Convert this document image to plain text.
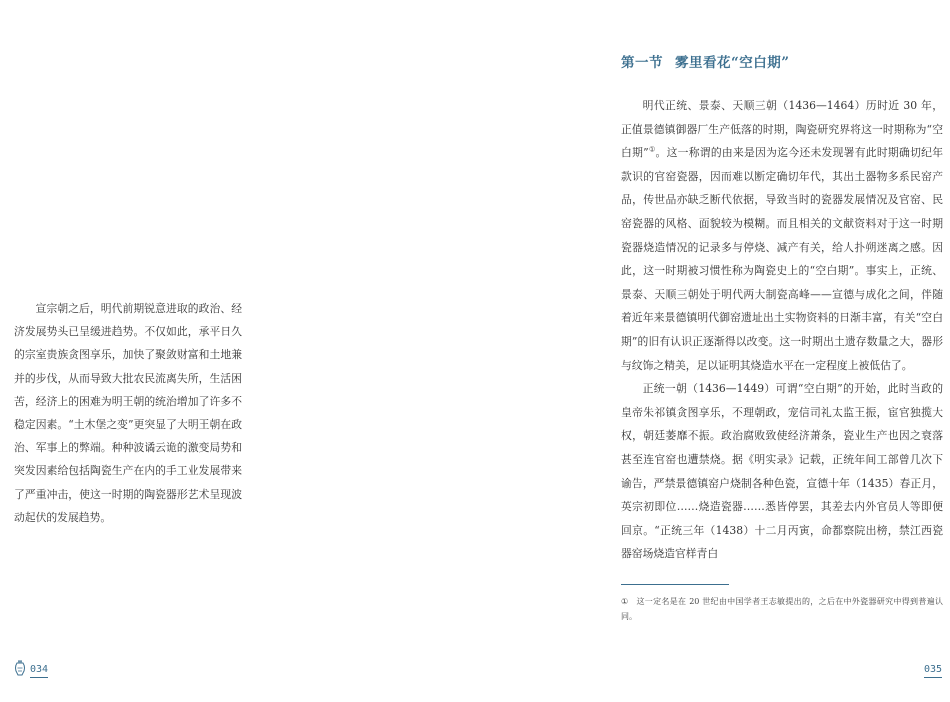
宣宗朝之后，明代前期锐意进取的政治、经济发展势头已呈缓进趋势。不仅如此，承平日久的宗室贵族贪图享乐，加快了聚敛财富和土地兼并的步伐，从而导致大批农民流离失所，生活困苦，经济上的困难为明王朝的统治增加了许多不稳定因素。“土木堡之变”更突显了大明王朝在政治、军事上的弊端。种种波谲云诡的激变局势和突发因素给包括陶瓷生产在内的手工业发展带来了严重冲击，使这一时期的陶瓷器形艺术呈现波动起伏的发展趋势。

034
第一节 雾里看花“空白期”

明代正统、景泰、天顺三朝（1436—1464）历时近 30 年，正值景德镇御器厂生产低落的时期，陶瓷研究界将这一时期称为“空白期”①。这一称谓的由来是因为迄今还未发现署有此时期确切纪年款识的官窑瓷器，因而难以断定确切年代，其出土器物多系民窑产品，传世品亦缺乏断代依据，导致当时的瓷器发展情况及官窑、民窑瓷器的风格、面貌较为模糊。而且相关的文献资料对于这一时期瓷器烧造情况的记录多与停烧、减产有关，给人扑朔迷离之感。因此，这一时期被习惯性称为陶瓷史上的“空白期”。事实上，正统、景泰、天顺三朝处于明代两大制瓷高峰——宣德与成化之间，伴随着近年来景德镇明代御窑遗址出土实物资料的日渐丰富，有关“空白期”的旧有认识正逐渐得以改变。这一时期出土遗存数量之大，器形与纹饰之精美，足以证明其烧造水平在一定程度上被低估了。

正统一朝（1436—1449）可谓“空白期”的开始，此时当政的皇帝朱祁镇贪图享乐，不理朝政，宠信司礼太监王振，宦官独揽大权，朝廷萎靡不振。政治腐败致使经济萧条，瓷业生产也因之衰落甚至连官窑也遭禁烧。据《明实录》记载，正统年间工部曾几次下谕告，严禁景德镇窑户烧制各种色瓷，宣德十年（1435）春正月，英宗初即位……烧造瓷器……悉皆停罢，其差去内外官员人等即便回京。“正统三年（1438）十二月丙寅，命都察院出榜，禁江西瓷器窑场烧造官样青白

① 这一定名是在 20 世纪由中国学者王志敏提出的，之后在中外瓷器研究中得到普遍认同。
035
